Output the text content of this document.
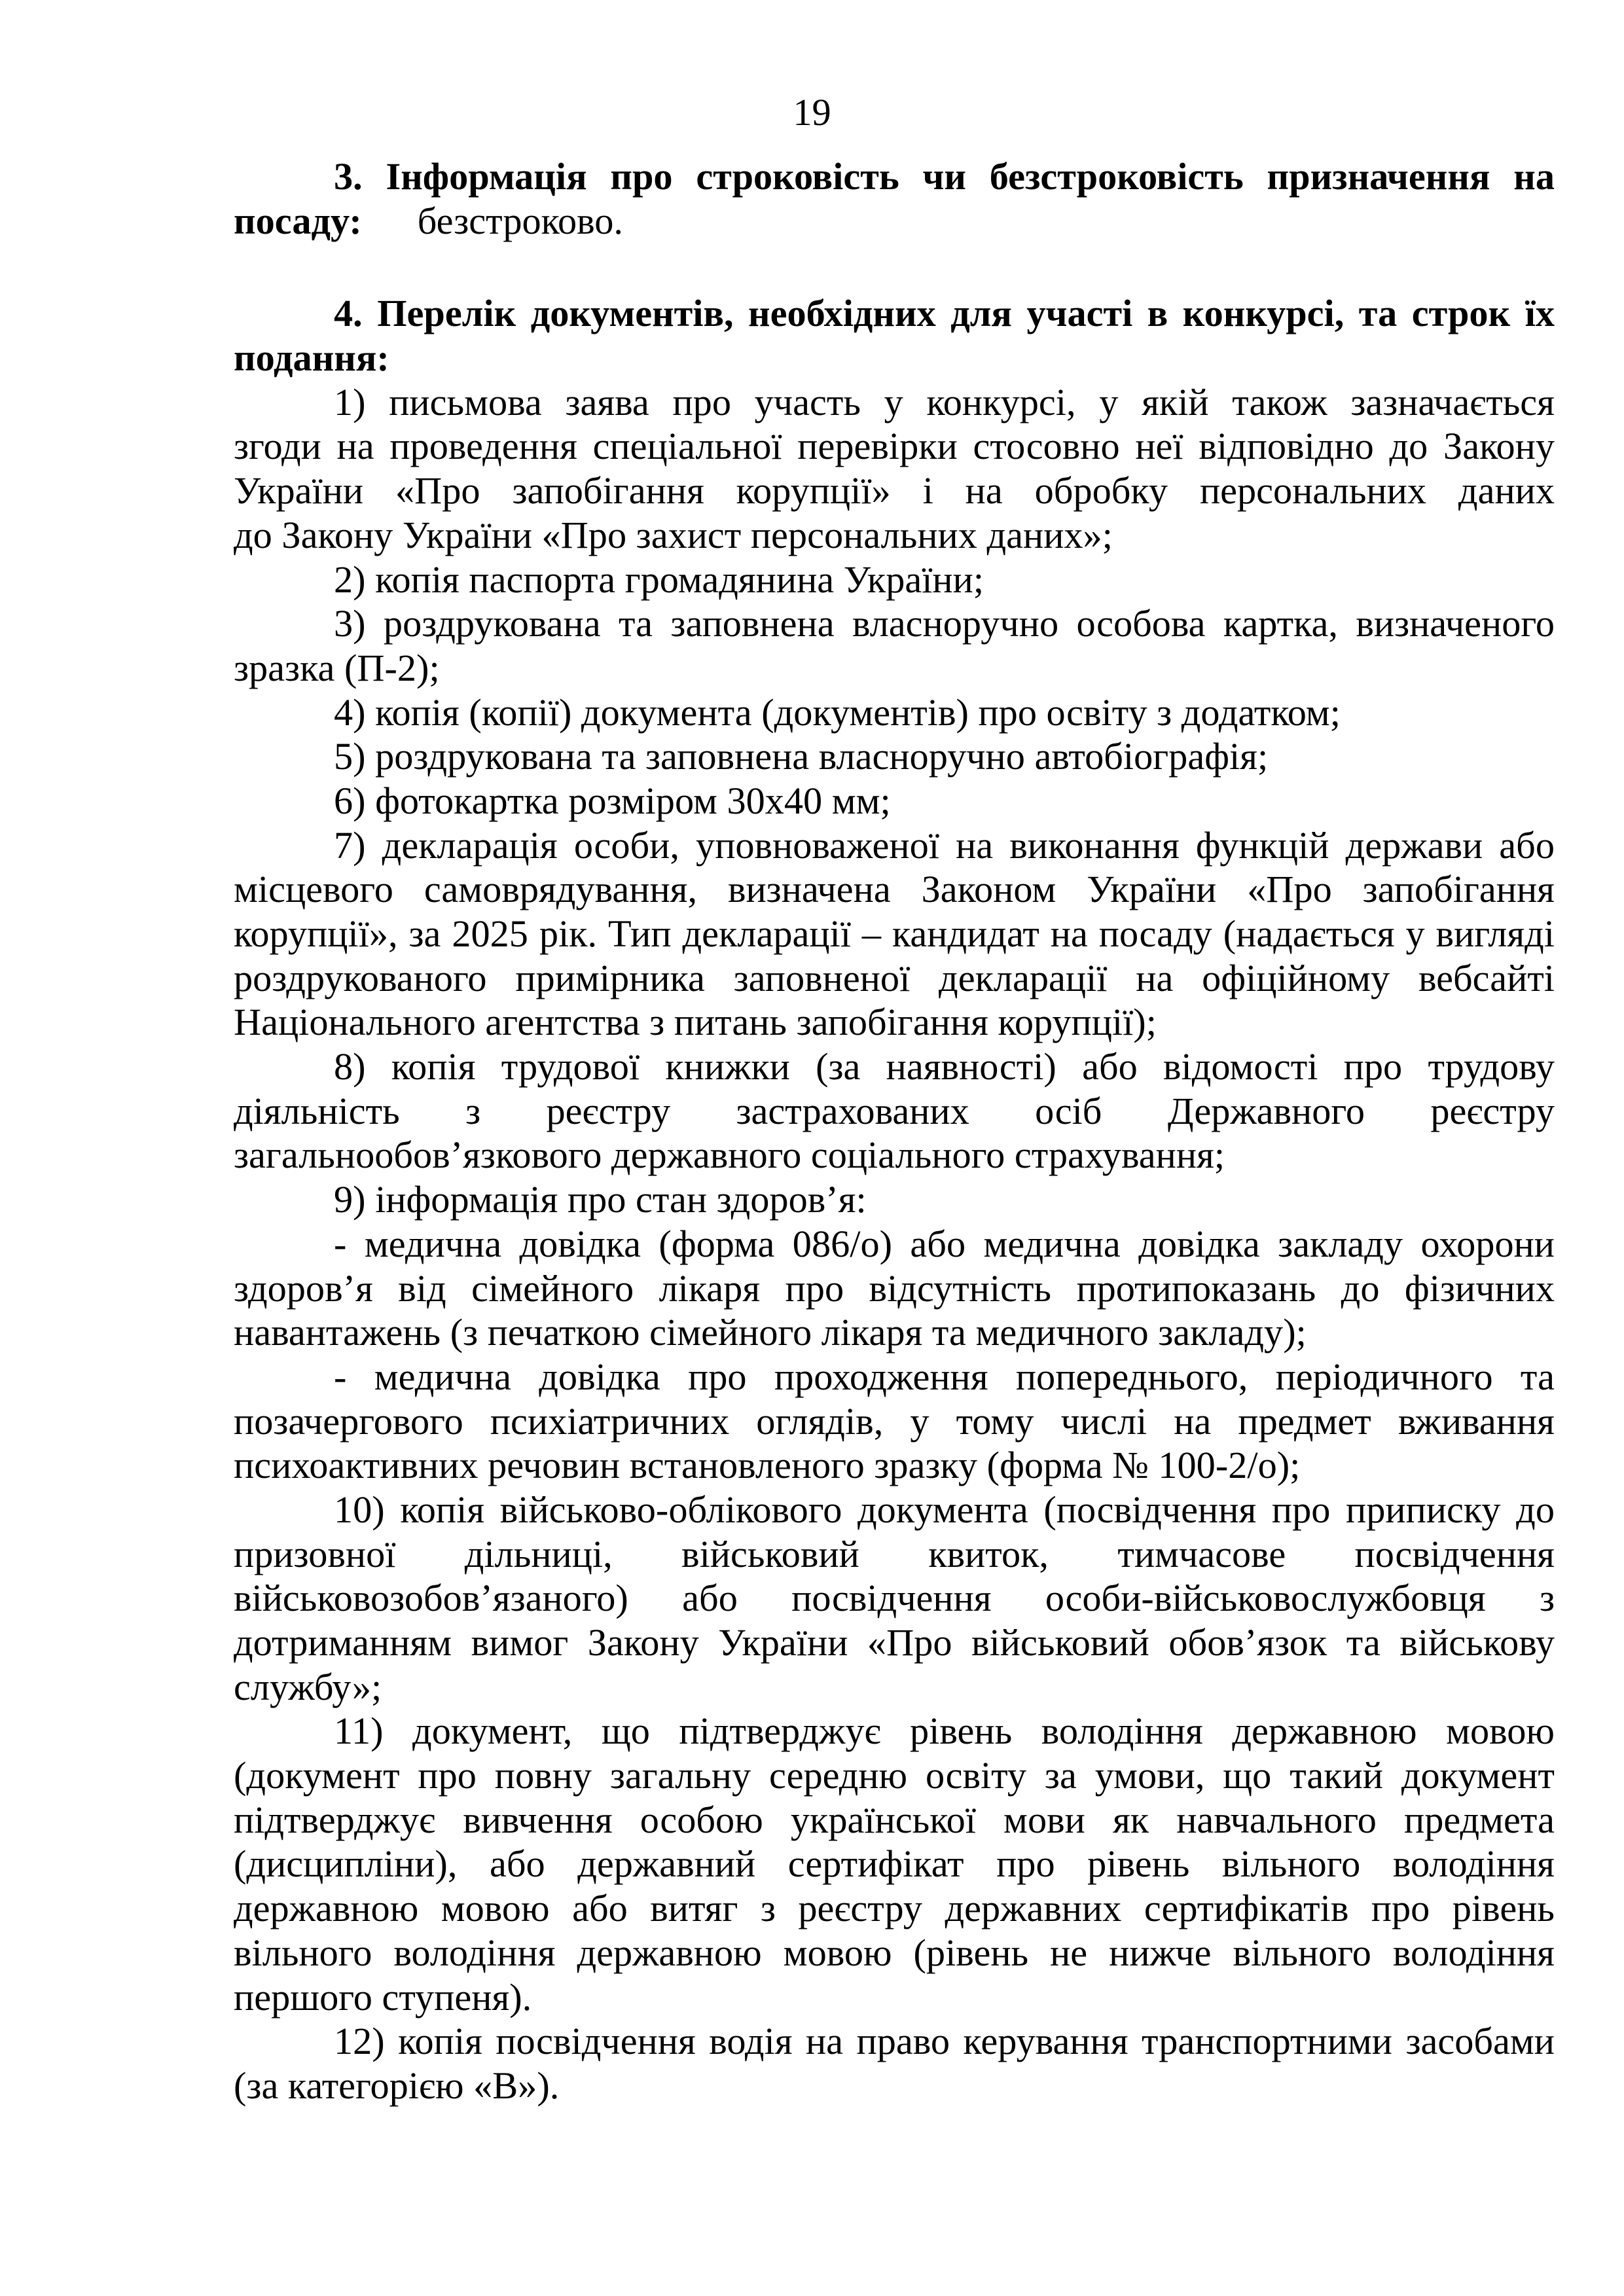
19
3. Інформація про строковість чи безстроковість призначення на
посаду: безстроково.
4. Перелік документів, необхідних для участі в конкурсі, та строк їх
подання:
1) письмова заява про участь у конкурсі, у якій також зазначається
згоди на проведення спеціальної перевірки стосовно неї відповідно до Закону
України «Про запобігання корупції» і на обробку персональних даних
до Закону України «Про захист персональних даних»;
2) копія паспорта громадянина України;
3) роздрукована та заповнена власноручно особова картка, визначеного
зразка (П-2);
4) копія (копії) документа (документів) про освіту з додатком;
5) роздрукована та заповнена власноручно автобіографія;
6) фотокартка розміром 30х40 мм;
7) декларація особи, уповноваженої на виконання функцій держави або
місцевого самоврядування, визначена Законом України «Про запобігання
корупції», за 2025 рік. Тип декларації – кандидат на посаду (надається у вигляді
роздрукованого примірника заповненої декларації на офіційному вебсайті
Національного агентства з питань запобігання корупції);
8) копія трудової книжки (за наявності) або відомості про трудову
діяльність з реєстру застрахованих осіб Державного реєстру
загальнообов’язкового державного соціального страхування;
9) інформація про стан здоров’я:
- медична довідка (форма 086/о) або медична довідка закладу охорони
здоров’я від сімейного лікаря про відсутність протипоказань до фізичних
навантажень (з печаткою сімейного лікаря та медичного закладу);
- медична довідка про проходження попереднього, періодичного та
позачергового психіатричних оглядів, у тому числі на предмет вживання
психоактивних речовин встановленого зразку (форма № 100-2/о);
10) копія військово-облікового документа (посвідчення про приписку до
призовної дільниці, військовий квиток, тимчасове посвідчення
військовозобов’язаного) або посвідчення особи-військовослужбовця з
дотриманням вимог Закону України «Про військовий обов’язок та військову
службу»;
11) документ, що підтверджує рівень володіння державною мовою
(документ про повну загальну середню освіту за умови, що такий документ
підтверджує вивчення особою української мови як навчального предмета
(дисципліни), або державний сертифікат про рівень вільного володіння
державною мовою або витяг з реєстру державних сертифікатів про рівень
вільного володіння державною мовою (рівень не нижче вільного володіння
першого ступеня).
12) копія посвідчення водія на право керування транспортними засобами
(за категорією «В»).
